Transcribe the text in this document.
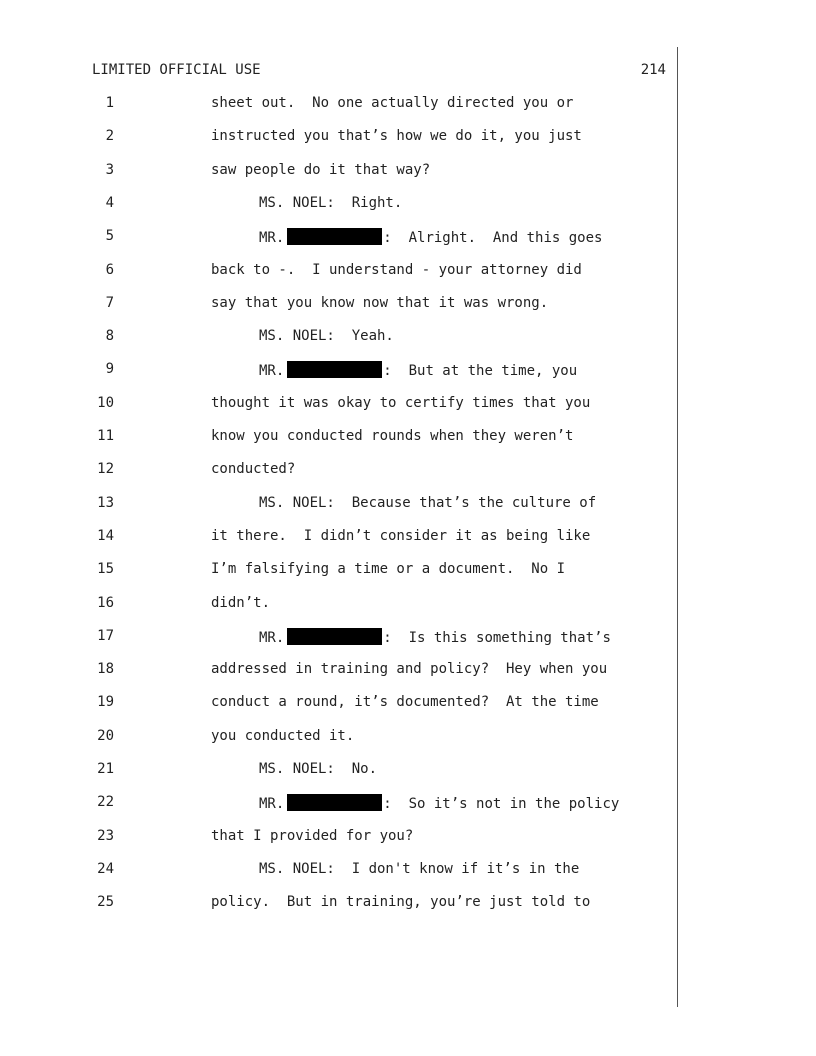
LIMITED OFFICIAL USE	214
1	sheet out.  No one actually directed you or
2	instructed you that’s how we do it, you just
3	saw people do it that way?
4	MS. NOEL:  Right.
5	MR.	:  Alright.  And this goes
6	back to -.  I understand - your attorney did
7	say that you know now that it was wrong.
8	MS. NOEL:  Yeah.
9	MR.	:  But at the time, you
10	thought it was okay to certify times that you
11	know you conducted rounds when they weren’t
12	conducted?
13	MS. NOEL:  Because that’s the culture of
14	it there.  I didn’t consider it as being like
15	I’m falsifying a time or a document.  No I
16	didn’t.
17	MR.	:  Is this something that’s
18	addressed in training and policy?  Hey when you
19	conduct a round, it’s documented?  At the time
20	you conducted it.
21	MS. NOEL:  No.
22	MR.	:  So it’s not in the policy
23	that I provided for you?
24	MS. NOEL:  I don't know if it’s in the
25	policy.  But in training, you’re just told to
